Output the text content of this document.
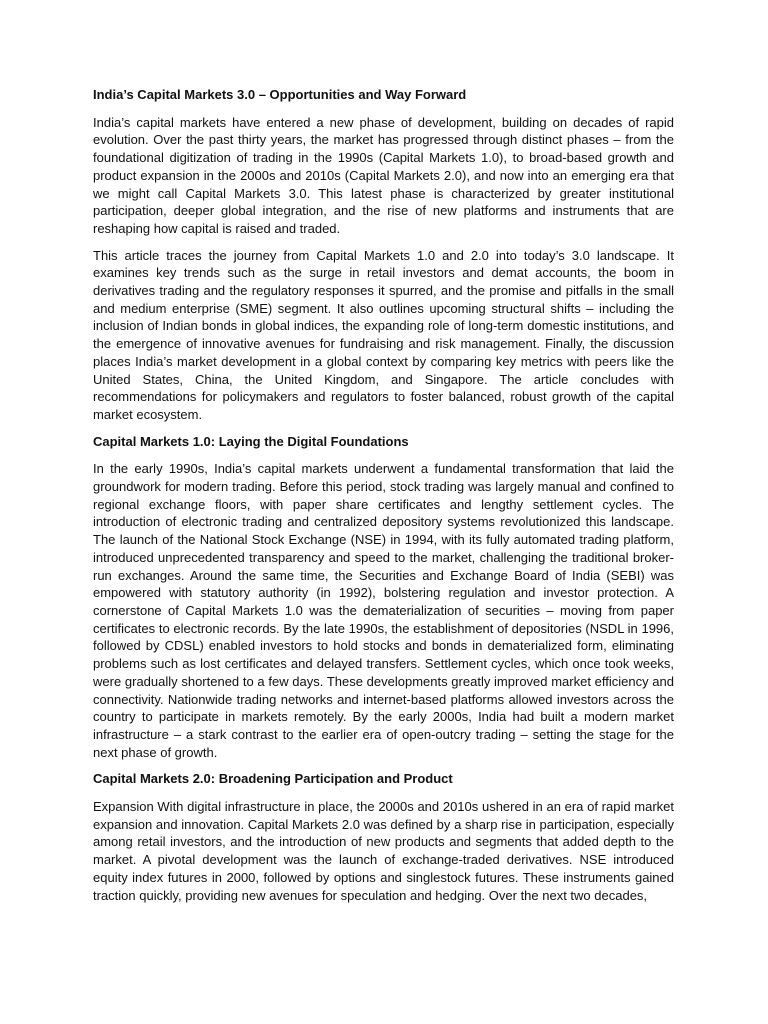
India’s Capital Markets 3.0 – Opportunities and Way Forward

India’s capital markets have entered a new phase of development, building on decades of rapid evolution. Over the past thirty years, the market has progressed through distinct phases – from the foundational digitization of trading in the 1990s (Capital Markets 1.0), to broad-based growth and product expansion in the 2000s and 2010s (Capital Markets 2.0), and now into an emerging era that we might call Capital Markets 3.0. This latest phase is characterized by greater institutional participation, deeper global integration, and the rise of new platforms and instruments that are reshaping how capital is raised and traded.

This article traces the journey from Capital Markets 1.0 and 2.0 into today’s 3.0 landscape. It examines key trends such as the surge in retail investors and demat accounts, the boom in derivatives trading and the regulatory responses it spurred, and the promise and pitfalls in the small and medium enterprise (SME) segment. It also outlines upcoming structural shifts – including the inclusion of Indian bonds in global indices, the expanding role of long-term domestic institutions, and the emergence of innovative avenues for fundraising and risk management. Finally, the discussion places India’s market development in a global context by comparing key metrics with peers like the United States, China, the United Kingdom, and Singapore. The article concludes with recommendations for policymakers and regulators to foster balanced, robust growth of the capital market ecosystem.

Capital Markets 1.0: Laying the Digital Foundations

In the early 1990s, India’s capital markets underwent a fundamental transformation that laid the groundwork for modern trading. Before this period, stock trading was largely manual and confined to regional exchange floors, with paper share certificates and lengthy settlement cycles. The introduction of electronic trading and centralized depository systems revolutionized this landscape. The launch of the National Stock Exchange (NSE) in 1994, with its fully automated trading platform, introduced unprecedented transparency and speed to the market, challenging the traditional broker-run exchanges. Around the same time, the Securities and Exchange Board of India (SEBI) was empowered with statutory authority (in 1992), bolstering regulation and investor protection. A cornerstone of Capital Markets 1.0 was the dematerialization of securities – moving from paper certificates to electronic records. By the late 1990s, the establishment of depositories (NSDL in 1996, followed by CDSL) enabled investors to hold stocks and bonds in dematerialized form, eliminating problems such as lost certificates and delayed transfers. Settlement cycles, which once took weeks, were gradually shortened to a few days. These developments greatly improved market efficiency and connectivity. Nationwide trading networks and internet-based platforms allowed investors across the country to participate in markets remotely. By the early 2000s, India had built a modern market infrastructure – a stark contrast to the earlier era of open-outcry trading – setting the stage for the next phase of growth.

Capital Markets 2.0: Broadening Participation and Product

Expansion With digital infrastructure in place, the 2000s and 2010s ushered in an era of rapid market expansion and innovation. Capital Markets 2.0 was defined by a sharp rise in participation, especially among retail investors, and the introduction of new products and segments that added depth to the market. A pivotal development was the launch of exchange-traded derivatives. NSE introduced equity index futures in 2000, followed by options and singlestock futures. These instruments gained traction quickly, providing new avenues for speculation and hedging. Over the next two decades,
